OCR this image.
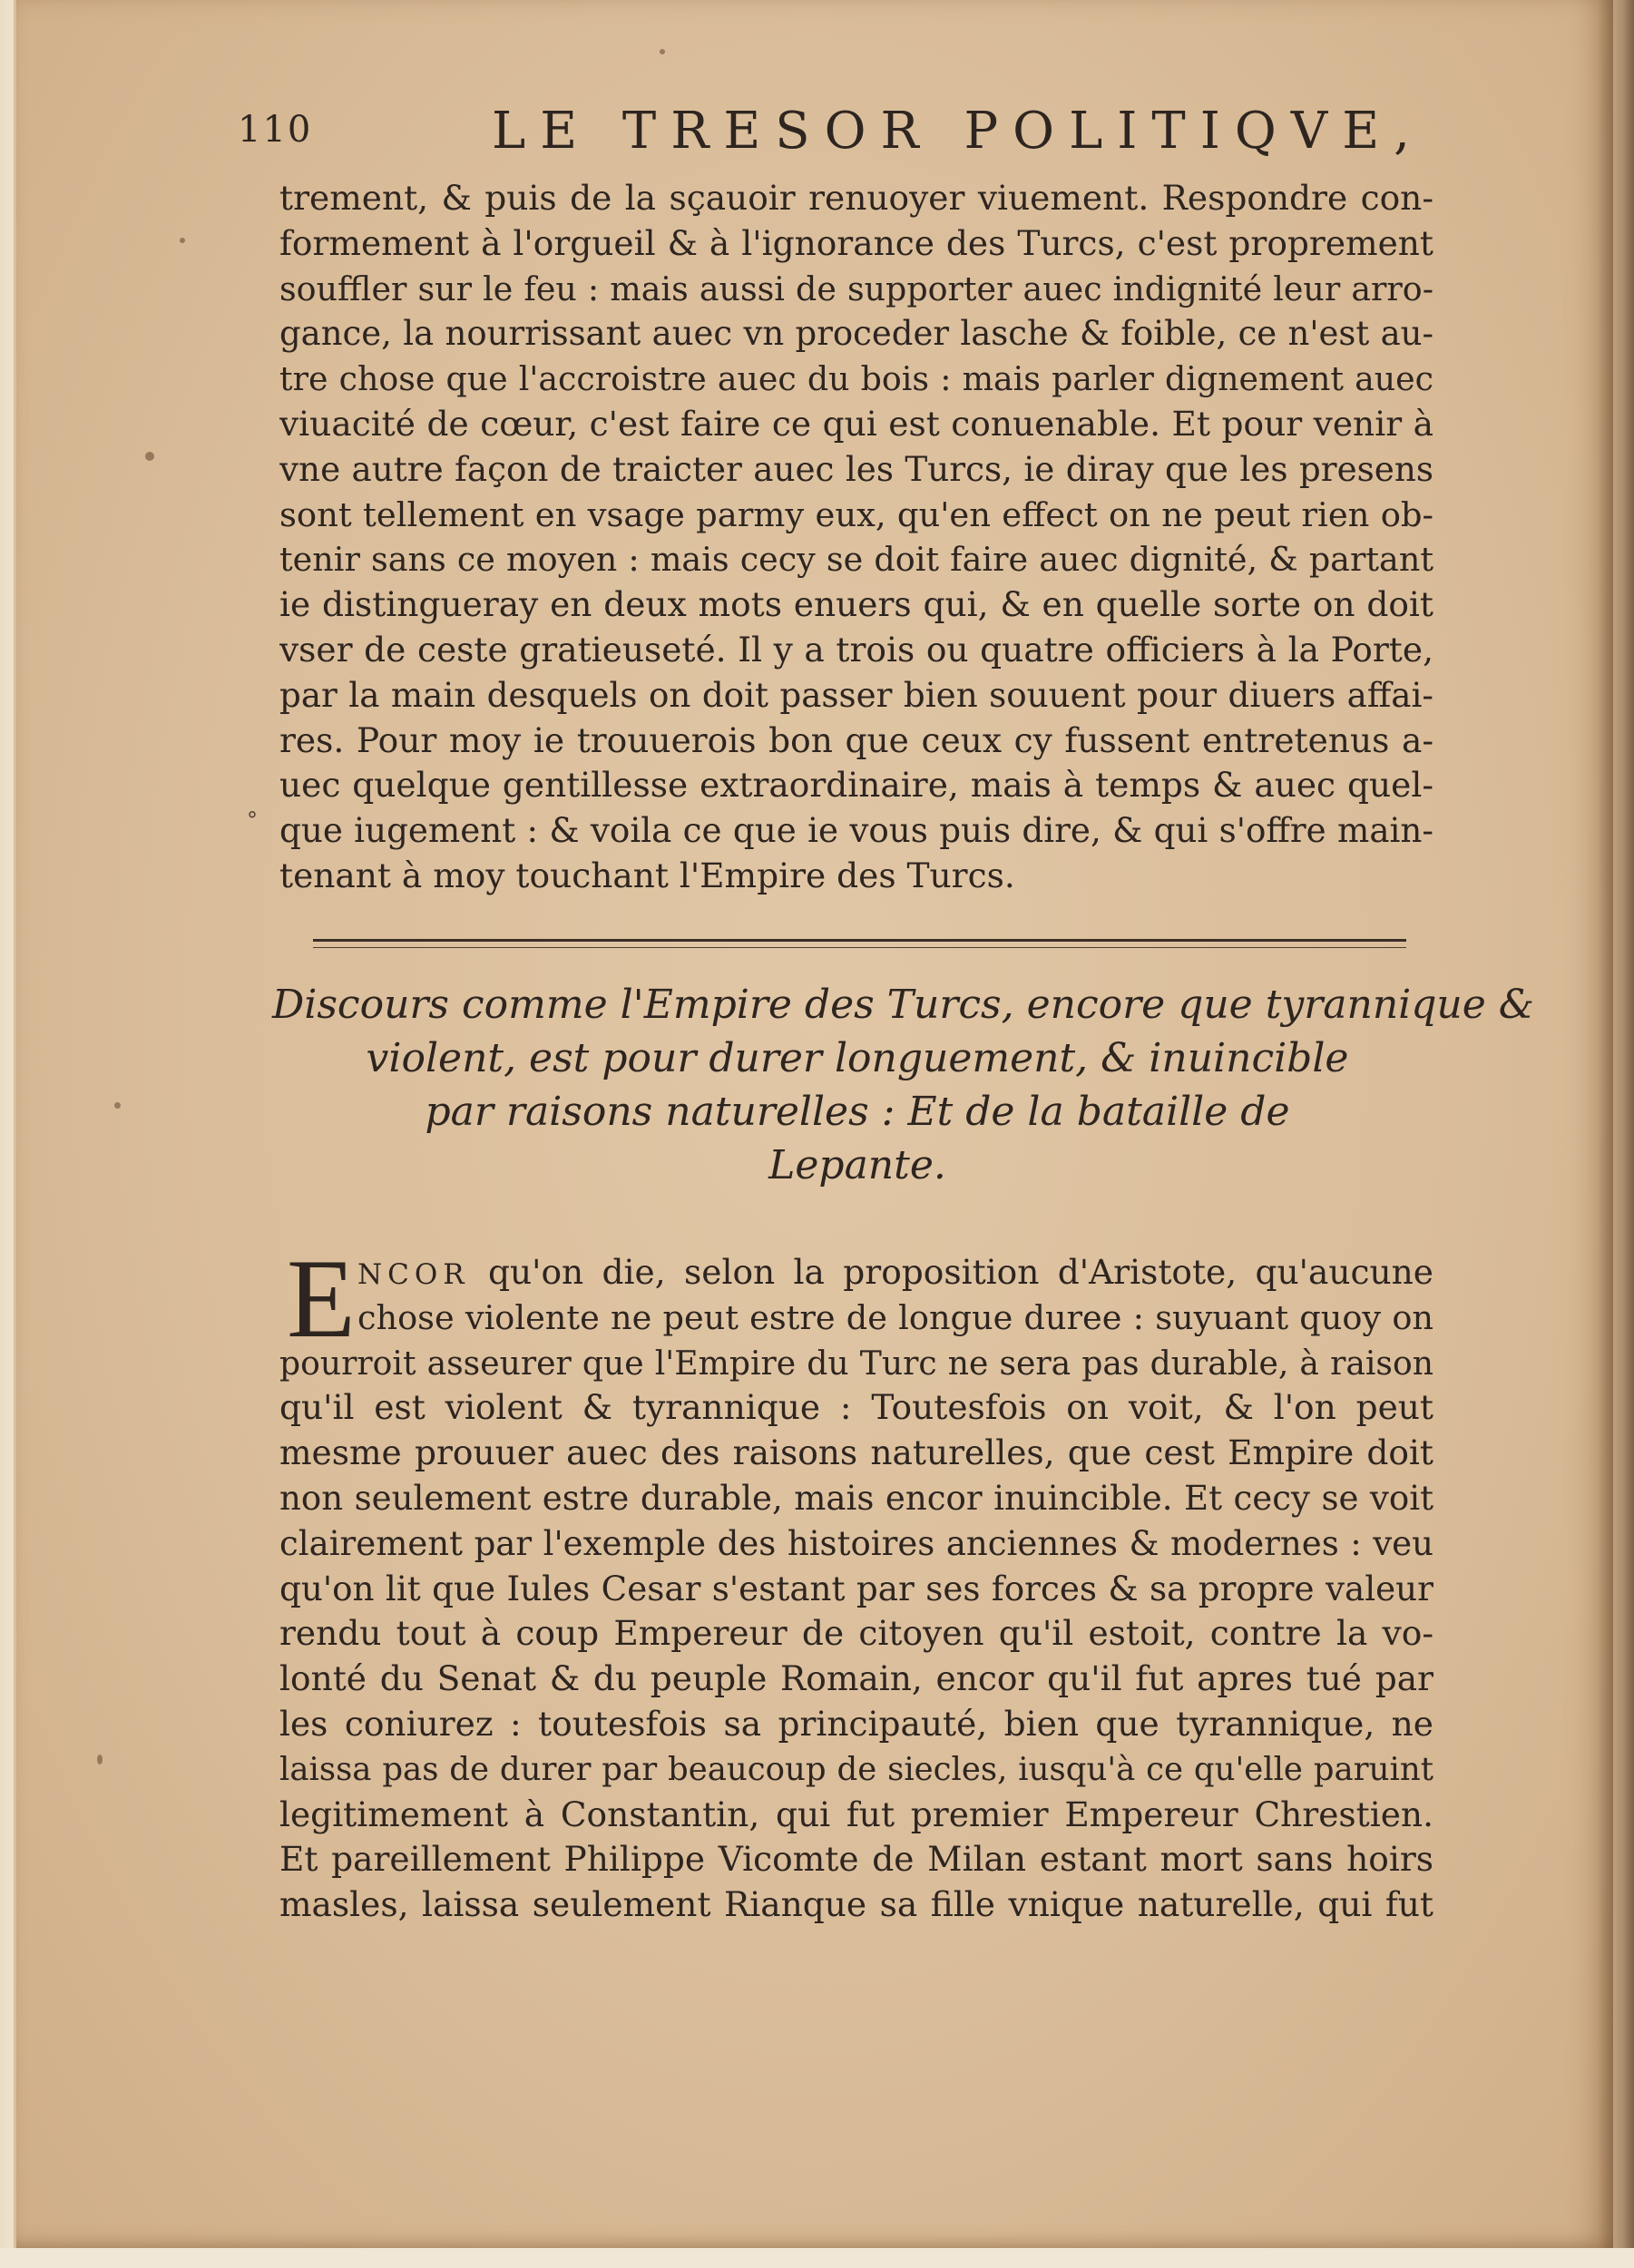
°
110	LE TRESOR POLITIQVE,
trement, & puis de la sçauoir renuoyer viuement. Respondre con-
formement à l'orgueil & à l'ignorance des Turcs, c'est proprement
souffler sur le feu : mais aussi de supporter auec indignité leur arro-
gance, la nourrissant auec vn proceder lasche & foible, ce n'est au-
tre chose que l'accroistre auec du bois : mais parler dignement auec
viuacité de cœur, c'est faire ce qui est conuenable. Et pour venir à
vne autre façon de traicter auec les Turcs, ie diray que les presens
sont tellement en vsage parmy eux, qu'en effect on ne peut rien ob-
tenir sans ce moyen : mais cecy se doit faire auec dignité, & partant
ie distingueray en deux mots enuers qui, & en quelle sorte on doit
vser de ceste gratieuseté. Il y a trois ou quatre officiers à la Porte,
par la main desquels on doit passer bien souuent pour diuers affai-
res. Pour moy ie trouuerois bon que ceux cy fussent entretenus a-
uec quelque gentillesse extraordinaire, mais à temps & auec quel-
que iugement : & voila ce que ie vous puis dire, & qui s'offre main-
tenant à moy touchant l'Empire des Turcs.
Discours comme l'Empire des Turcs, encore que tyrannique &
violent, est pour durer longuement, & inuincible
par raisons naturelles : Et de la bataille de
Lepante.
E NCOR qu'on die, selon la proposition d'Aristote, qu'aucune
chose violente ne peut estre de longue duree : suyuant quoy on
pourroit asseurer que l'Empire du Turc ne sera pas durable, à raison
qu'il est violent & tyrannique : Toutesfois on voit, & l'on peut
mesme prouuer auec des raisons naturelles, que cest Empire doit
non seulement estre durable, mais encor inuincible. Et cecy se voit
clairement par l'exemple des histoires anciennes & modernes : veu
qu'on lit que Iules Cesar s'estant par ses forces & sa propre valeur
rendu tout à coup Empereur de citoyen qu'il estoit, contre la vo-
lonté du Senat & du peuple Romain, encor qu'il fut apres tué par
les coniurez : toutesfois sa principauté, bien que tyrannique, ne
laissa pas de durer par beaucoup de siecles, iusqu'à ce qu'elle paruint
legitimement à Constantin, qui fut premier Empereur Chrestien.
Et pareillement Philippe Vicomte de Milan estant mort sans hoirs
masles, laissa seulement Rianque sa fille vnique naturelle, qui fut
